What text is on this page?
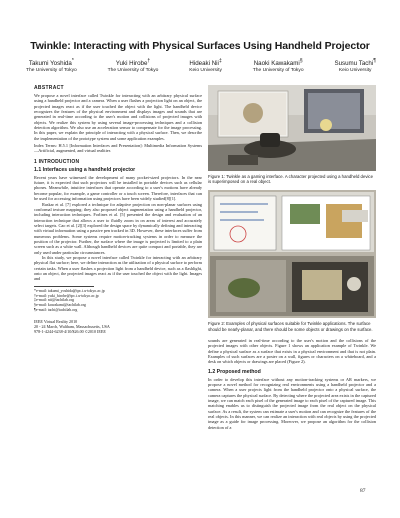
Twinkle: Interacting with Physical Surfaces Using Handheld Projector
Takumi Yoshida*
The University of Tokyo
Yuki Hirobe†
The University of Tokyo
Hideaki Nii‡
Keio University
Naoki Kawakami§
The University of Tokyo
Susumu Tachi¶
Keio University
ABSTRACT

We propose a novel interface called Twinkle for interacting with an arbitrary physical surface using a handheld projector and a camera. When a user flashes a projection light on an object, the projected images react as if the user touched the object with the light. The handheld device recognizes the features of the physical environment and displays images and sounds that are generated in real-time according to the user's motion and collisions of projected images with objects. We realize this system by using several image-processing techniques and a collision detection algorithm. We also use an acceleration sensor to compensate for the image processing. In this paper, we explain the principle of interacting with a physical surface. Then, we describe the implementation of the prototype system and some application examples.

Index Terms: H.5.1 [Information Interfaces and Presentation]: Multimedia Information Systems—Artificial, augmented, and virtual realities

1 INTRODUCTION
1.1 Interfaces using a handheld projector

Recent years have witnessed the development of many pocket-sized projectors. In the near future, it is expected that such projectors will be installed in portable devices such as cellular phones. Meanwhile, intuitive interfaces that operate according to a user's motions have already become popular, for example, a game controller or a touch screen. Therefore, interfaces that can be used for accessing information using projectors have been widely studied[8][1].

Raskar et al. [7] explored a technique for adaptive projection on non-planar surfaces using conformal texture mapping; they also proposed object augmentation using a handheld projector, including interaction techniques. Forlines et al. [5] presented the design and evaluation of an interaction technique that allows a user to fluidly zoom in on areas of interest and accurately select targets. Cao et al. [2][3] explored the design space by dynamically defining and interacting with virtual information using a passive pen tracked in 3D. However, these interfaces suffer from numerous problems. Some systems require motion-tracking systems in order to measure the position of the projector. Further, the surface where the image is projected is limited to a plain screen such as a white wall. Although handheld devices are quite compact and portable, they are only used under particular circumstances.

In this study, we propose a novel interface called Twinkle for interacting with an arbitrary physical flat surface; here, we define interaction as the utilization of a physical surface to perform certain tasks. When a user flashes a projection light from a handheld device, such as a flashlight, onto an object, the projected images react as if the user touched the object with the light. Images and

*e-mail: takumi_yoshida@ipc.i.u-tokyo.ac.jp
†e-mail: yuki_hirobe@ipc.i.u-tokyo.ac.jp
‡e-mail: nii@tachilab.org
§e-mail: kawakami@tachilab.org
¶e-mail: tachi@tachilab.org
IEEE Virtual Reality 2010
20 - 24 March, Waltham, Massachusetts, USA
978-1-4244-6238-4/10/$26.00 ©2010 IEEE
Figure 1: Twinkle as a gaming interface. A character projected using a handheld device is superimposed on a real object.
Figure 2: Examples of physical surfaces suitable for Twinkle applications. The surface should be nearly-planar, and there should be some objects or drawings on the surface.

sounds are generated in real-time according to the user's motion and the collisions of the projected images with other objects. Figure 1 shows an application example of Twinkle. We define a physical surface as a surface that exists in a physical environment and that is not plain. Examples of such surfaces are a poster on a wall, figures or characters on a whiteboard, and a desk on which objects or drawings are placed (Figure 2).

1.2 Proposed method

In order to develop this interface without any motion-tracking systems or AR markers, we propose a novel method for recognizing real environments using a handheld projector and a camera. When a user projects light from the handheld projector onto a physical surface, the camera captures the physical surface. By detecting where the projected area exists in the captured image, we can match each pixel of the generated image to each pixel of the captured image. This matching enables us to distinguish the projected image from the real object on the physical surface. As a result, the system can estimate a user's motion and can recognize the features of the real objects. In this manner, we can realize an interaction with real objects by using the projected image as a guide for image processing. Moreover, we propose an algorithm for the collision detection of a

87
